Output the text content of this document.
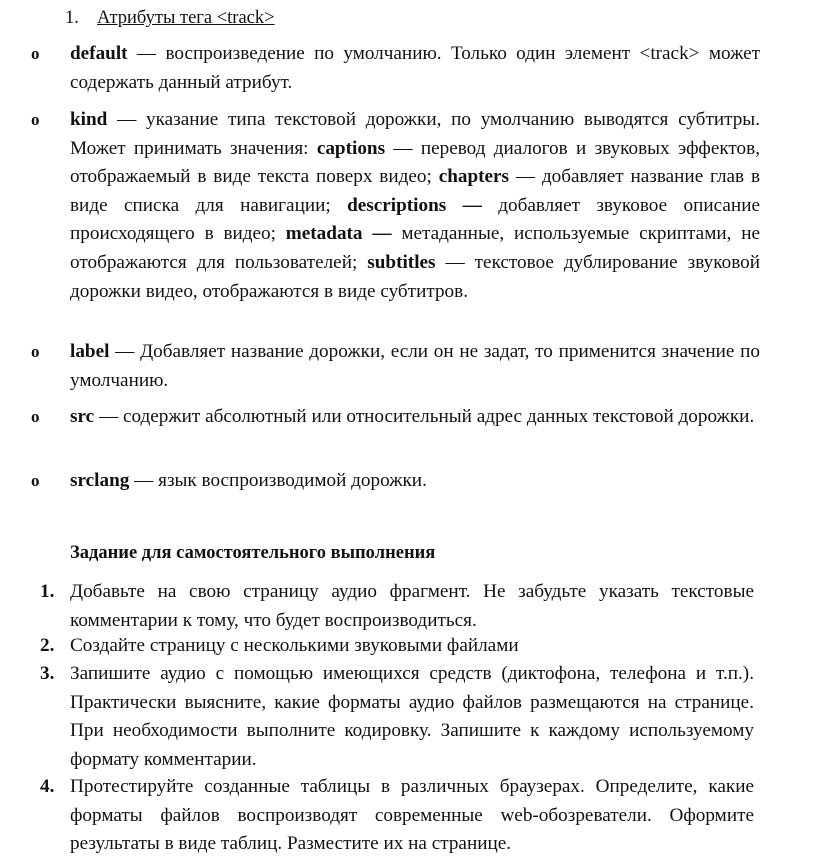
1. Атрибуты тега <track>
o default — воспроизведение по умолчанию. Только один элемент <track> может содержать данный атрибут.
o kind — указание типа текстовой дорожки, по умолчанию выводятся субтитры. Может принимать значения: captions — перевод диалогов и звуковых эффектов, отображаемый в виде текста поверх видео; chapters — добавляет название глав в виде списка для навигации; descriptions — добавляет звуковое описание происходящего в видео; metadata — метаданные, используемые скриптами, не отображаются для пользователей; subtitles — текстовое дублирование звуковой дорожки видео, отображаются в виде субтитров.
o label — Добавляет название дорожки, если он не задат, то применится значение по умолчанию.
o src — содержит абсолютный или относительный адрес данных текстовой дорожки.
o srclang — язык воспроизводимой дорожки.
Задание для самостоятельного выполнения
1. Добавьте на свою страницу аудио фрагмент. Не забудьте указать текстовые комментарии к тому, что будет воспроизводиться.
2. Создайте страницу с несколькими звуковыми файлами
3. Запишите аудио с помощью имеющихся средств (диктофона, телефона и т.п.). Практически выясните, какие форматы аудио файлов размещаются на странице. При необходимости выполните кодировку. Запишите к каждому используемому формату комментарии.
4. Протестируйте созданные таблицы в различных браузерах. Определите, какие форматы файлов воспроизводят современные web-обозреватели. Оформите результаты в виде таблиц. Разместите их на странице.
